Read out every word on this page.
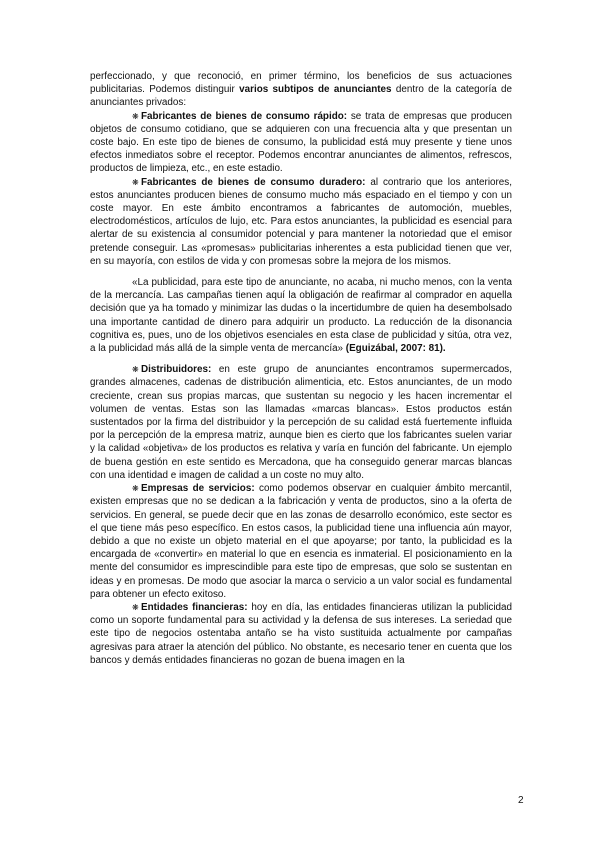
perfeccionado, y que reconoció, en primer término, los beneficios de sus actuaciones publicitarias. Podemos distinguir varios subtipos de anunciantes dentro de la categoría de anunciantes privados:

❋ Fabricantes de bienes de consumo rápido: se trata de empresas que producen objetos de consumo cotidiano, que se adquieren con una frecuencia alta y que presentan un coste bajo. En este tipo de bienes de consumo, la publicidad está muy presente y tiene unos efectos inmediatos sobre el receptor. Podemos encontrar anunciantes de alimentos, refrescos, productos de limpieza, etc., en este estadio.

❋ Fabricantes de bienes de consumo duradero: al contrario que los anteriores, estos anunciantes producen bienes de consumo mucho más espaciado en el tiempo y con un coste mayor. En este ámbito encontramos a fabricantes de automoción, muebles, electrodomésticos, artículos de lujo, etc. Para estos anunciantes, la publicidad es esencial para alertar de su existencia al consumidor potencial y para mantener la notoriedad que el emisor pretende conseguir. Las «promesas» publicitarias inherentes a esta publicidad tienen que ver, en su mayoría, con estilos de vida y con promesas sobre la mejora de los mismos.

«La publicidad, para este tipo de anunciante, no acaba, ni mucho menos, con la venta de la mercancía. Las campañas tienen aquí la obligación de reafirmar al comprador en aquella decisión que ya ha tomado y minimizar las dudas o la incertidumbre de quien ha desembolsado una importante cantidad de dinero para adquirir un producto. La reducción de la disonancia cognitiva es, pues, uno de los objetivos esenciales en esta clase de publicidad y sitúa, otra vez, a la publicidad más allá de la simple venta de mercancía» (Eguizábal, 2007: 81).

❋ Distribuidores: en este grupo de anunciantes encontramos supermercados, grandes almacenes, cadenas de distribución alimenticia, etc. Estos anunciantes, de un modo creciente, crean sus propias marcas, que sustentan su negocio y les hacen incrementar el volumen de ventas. Estas son las llamadas «marcas blancas». Estos productos están sustentados por la firma del distribuidor y la percepción de su calidad está fuertemente influida por la percepción de la empresa matriz, aunque bien es cierto que los fabricantes suelen variar y la calidad «objetiva» de los productos es relativa y varía en función del fabricante. Un ejemplo de buena gestión en este sentido es Mercadona, que ha conseguido generar marcas blancas con una identidad e imagen de calidad a un coste no muy alto.

❋ Empresas de servicios: como podemos observar en cualquier ámbito mercantil, existen empresas que no se dedican a la fabricación y venta de productos, sino a la oferta de servicios. En general, se puede decir que en las zonas de desarrollo económico, este sector es el que tiene más peso específico. En estos casos, la publicidad tiene una influencia aún mayor, debido a que no existe un objeto material en el que apoyarse; por tanto, la publicidad es la encargada de «convertir» en material lo que en esencia es inmaterial. El posicionamiento en la mente del consumidor es imprescindible para este tipo de empresas, que solo se sustentan en ideas y en promesas. De modo que asociar la marca o servicio a un valor social es fundamental para obtener un efecto exitoso.

❋ Entidades financieras: hoy en día, las entidades financieras utilizan la publicidad como un soporte fundamental para su actividad y la defensa de sus intereses. La seriedad que este tipo de negocios ostentaba antaño se ha visto sustituida actualmente por campañas agresivas para atraer la atención del público. No obstante, es necesario tener en cuenta que los bancos y demás entidades financieras no gozan de buena imagen en la

2
